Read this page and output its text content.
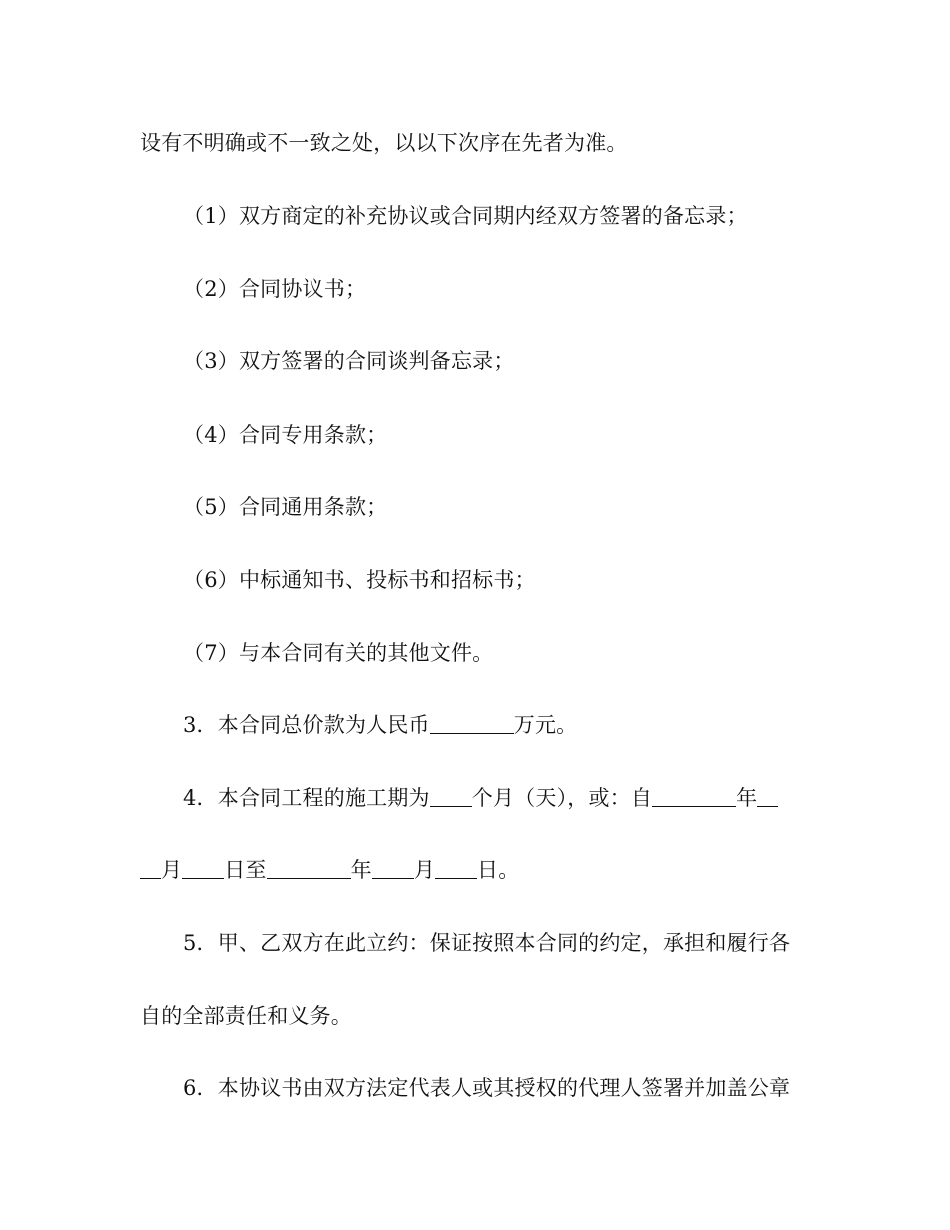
设有不明确或不一致之处，以以下次序在先者为准。
（1）双方商定的补充协议或合同期内经双方签署的备忘录；
（2）合同协议书；
（3）双方签署的合同谈判备忘录；
（4）合同专用条款；
（5）合同通用条款；
（6）中标通知书、投标书和招标书；
（7）与本合同有关的其他文件。
3．本合同总价款为人民币	万元。
4．本合同工程的施工期为 个月（天），或：自	年
月 日至	年 月 日。
5．甲、乙双方在此立约：保证按照本合同的约定，承担和履行各
自的全部责任和义务。
6．本协议书由双方法定代表人或其授权的代理人签署并加盖公章
